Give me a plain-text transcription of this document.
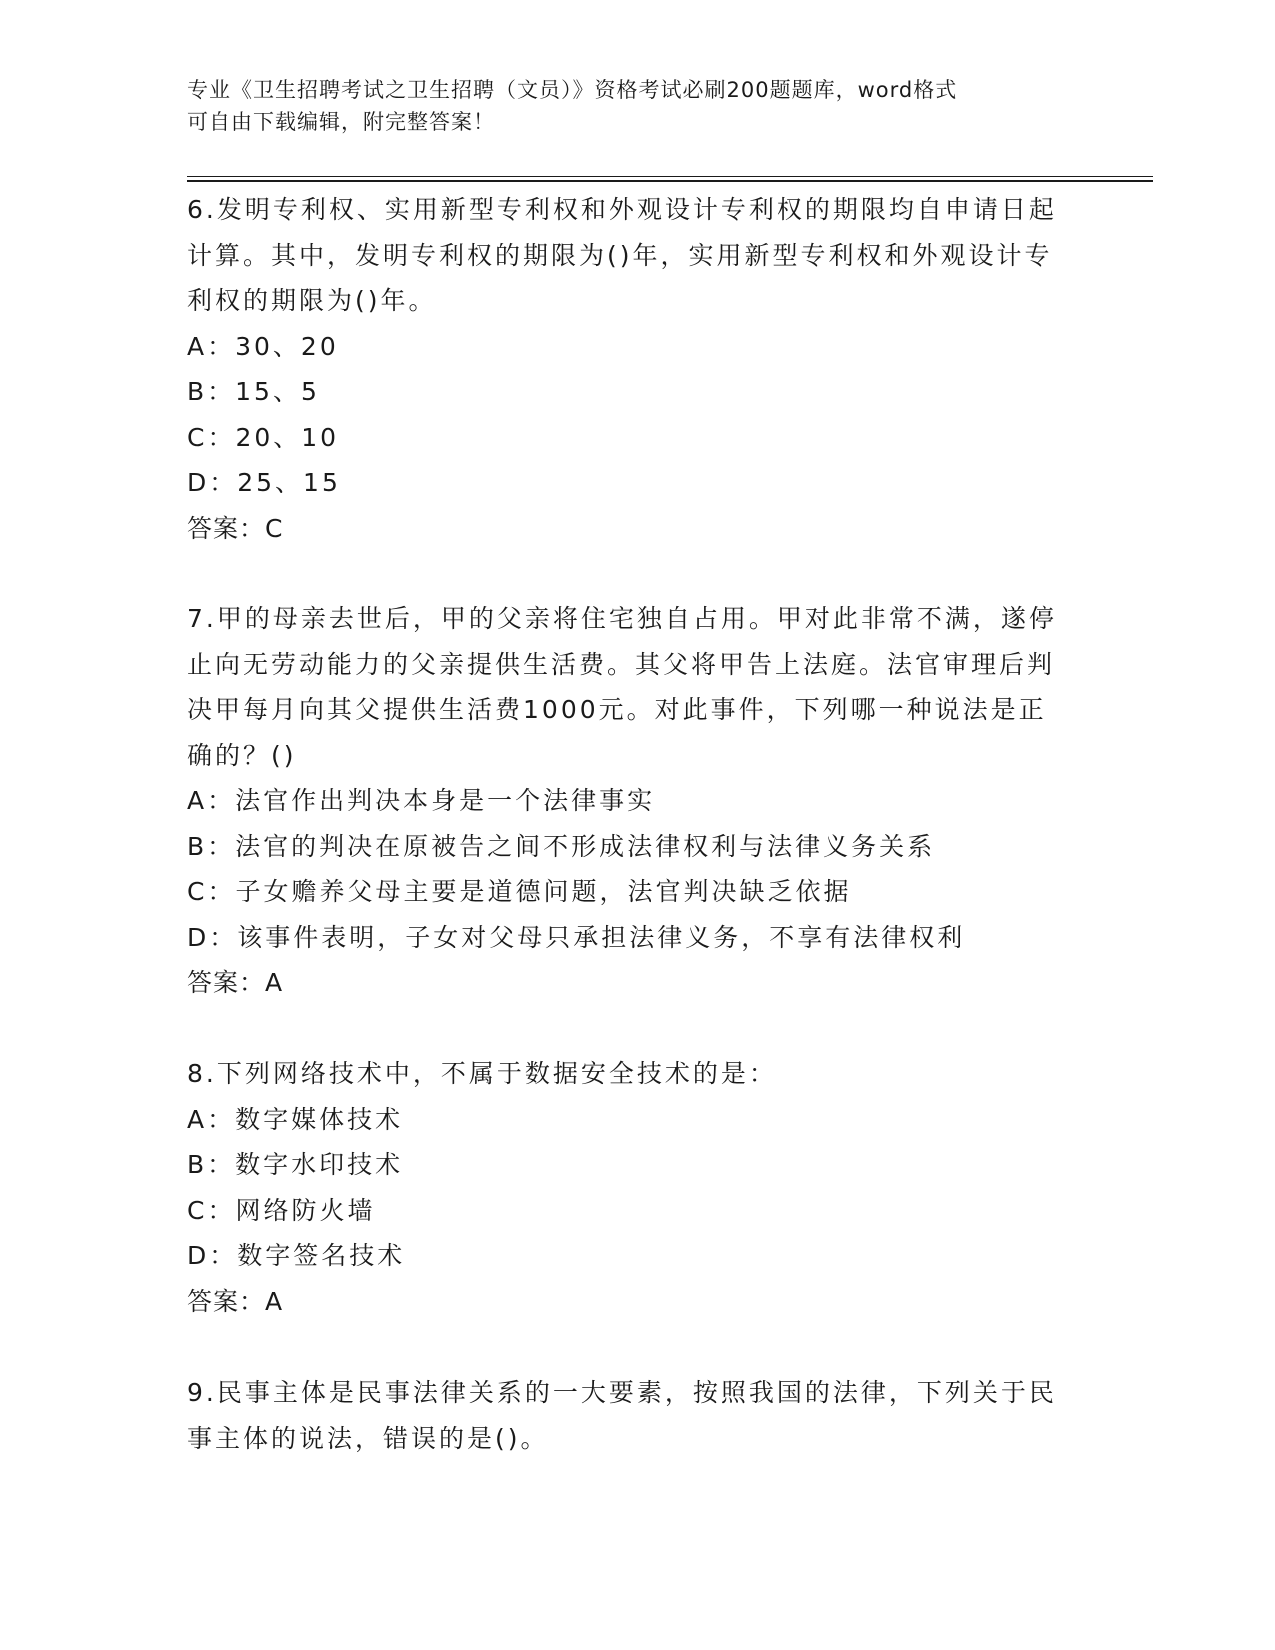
专业《卫生招聘考试之卫生招聘（文员）》资格考试必刷200题题库，word格式
可自由下载编辑，附完整答案！

6.发明专利权、实用新型专利权和外观设计专利权的期限均自申请日起计算。其中，发明专利权的期限为()年，实用新型专利权和外观设计专利权的期限为()年。

A：30、20

B：15、5

C：20、10

D：25、15

答案：C

7.甲的母亲去世后，甲的父亲将住宅独自占用。甲对此非常不满，遂停止向无劳动能力的父亲提供生活费。其父将甲告上法庭。法官审理后判决甲每月向其父提供生活费1000元。对此事件，下列哪一种说法是正确的？()

A：法官作出判决本身是一个法律事实

B：法官的判决在原被告之间不形成法律权利与法律义务关系

C：子女赡养父母主要是道德问题，法官判决缺乏依据

D：该事件表明，子女对父母只承担法律义务，不享有法律权利

答案：A

8.下列网络技术中，不属于数据安全技术的是：

A：数字媒体技术

B：数字水印技术

C：网络防火墙

D：数字签名技术

答案：A

9.民事主体是民事法律关系的一大要素，按照我国的法律，下列关于民事主体的说法，错误的是()。
